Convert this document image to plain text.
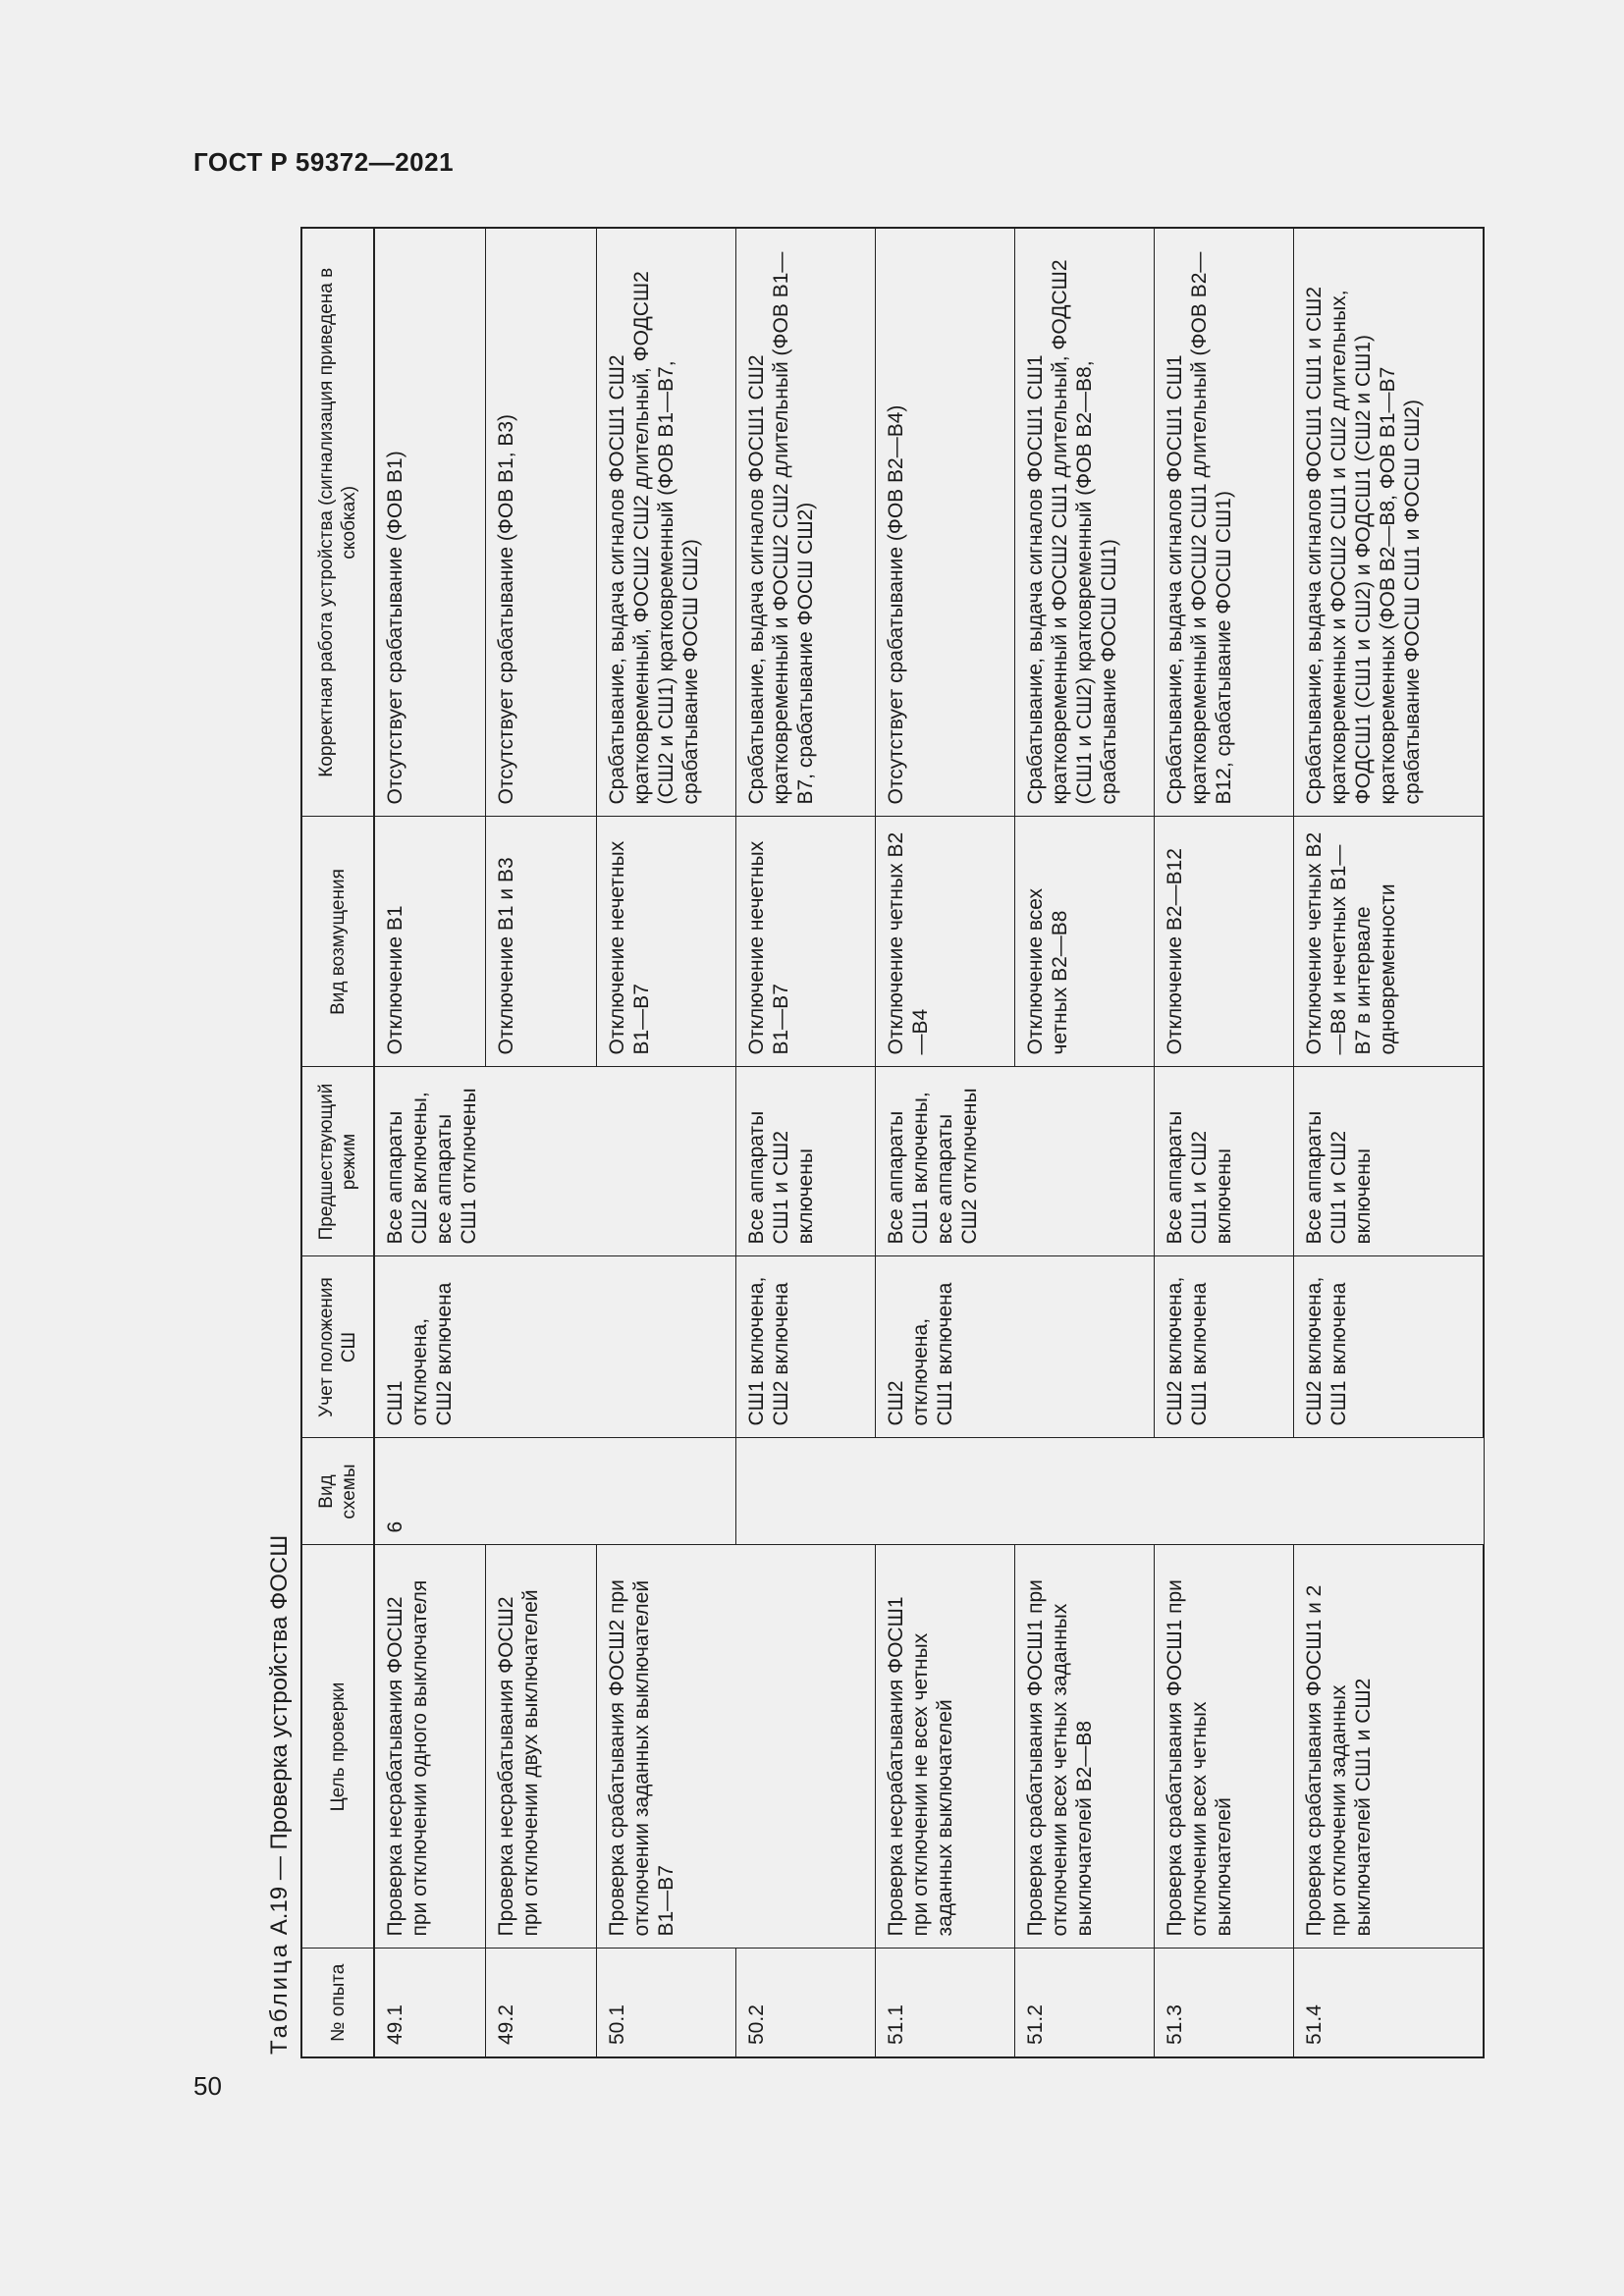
ГОСТ Р 59372—2021
Таблица

А.19 — Проверка устройства ФОСШ
№ опыта	Цель проверки	Вид схемы	Учет положения СШ	Предшествующий режим	Вид возмущения	Корректная работа устройства (сигнализация приведена в скобках)
49.1	Проверка несрабатывания ФОСШ2 при отключении одного выключателя	6	СШ1 отключена, СШ2 включена	Все аппараты СШ2 включены, все аппараты СШ1 отключены	Отключение В1	Отсутствует срабатывание (ФОВ В1)
49.2	Проверка несрабатывания ФОСШ2 при отключении двух выключателей				Отключение В1 и В3	Отсутствует срабатывание (ФОВ В1, В3)
50.1	Проверка срабатывания ФОСШ2 при отключении заданных выключателей В1—В7				Отключение нечетных В1—В7	Срабатывание, выдача сигналов ФОСШ1 СШ2 кратковременный, ФОСШ2 СШ2 длительный, ФОДСШ2 (СШ2 и СШ1) кратковременный (ФОВ В1—В7, срабатывание ФОСШ СШ2)
50.2			СШ1 включена, СШ2 включена	Все аппараты СШ1 и СШ2 включены	Отключение нечетных В1—В7	Срабатывание, выдача сигналов ФОСШ1 СШ2 кратковременный и ФОСШ2 СШ2 длительный (ФОВ В1—В7, срабатывание ФОСШ СШ2)
51.1	Проверка несрабатывания ФОСШ1 при отключении не всех четных заданных выключателей		СШ2 отключена, СШ1 включена	Все аппараты СШ1 включены, все аппараты СШ2 отключены	Отключение четных В2—В4	Отсутствует срабатывание (ФОВ В2—В4)
51.2	Проверка срабатывания ФОСШ1 при отключении всех четных заданных выключателей В2—В8				Отключение всех четных В2—В8	Срабатывание, выдача сигналов ФОСШ1 СШ1 кратковременный и ФОСШ2 СШ1 длительный, ФОДСШ2 (СШ1 и СШ2) кратковременный (ФОВ В2—В8, срабатывание ФОСШ СШ1)
51.3	Проверка срабатывания ФОСШ1 при отключении всех четных выключателей		СШ2 включена, СШ1 включена	Все аппараты СШ1 и СШ2 включены	Отключение В2—В12	Срабатывание, выдача сигналов ФОСШ1 СШ1 кратковременный и ФОСШ2 СШ1 длительный (ФОВ В2—В12, срабатывание ФОСШ СШ1)
51.4	Проверка срабатывания ФОСШ1 и 2 при отключении заданных выключателей СШ1 и СШ2		СШ2 включена, СШ1 включена	Все аппараты СШ1 и СШ2 включены	Отключение четных В2—В8 и нечетных В1—В7 в интервале одновременности	Срабатывание, выдача сигналов ФОСШ1 СШ1 и СШ2 кратковременных и ФОСШ2 СШ1 и СШ2 длительных, ФОДСШ1 (СШ1 и СШ2) и ФОДСШ1 (СШ2 и СШ1) кратковременных (ФОВ В2—В8, ФОВ В1—В7 срабатывание ФОСШ СШ1 и ФОСШ СШ2)
50
